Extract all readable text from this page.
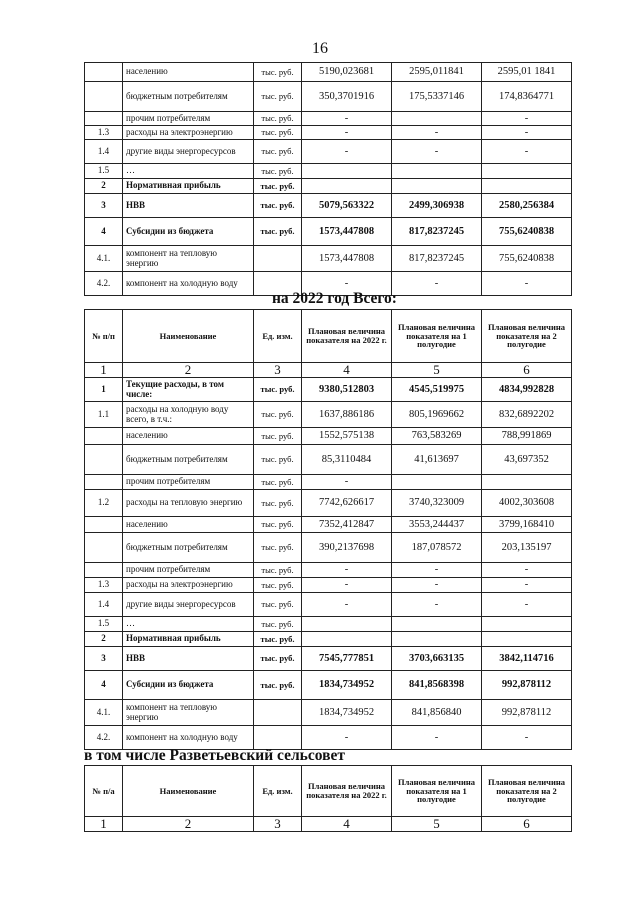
16
	населению	тыс. руб.	5190,023681	2595,011841	2595,01 1841
	бюджетным потребителям	тыс. руб.	350,3701916	175,5337146	174,8364771
	прочим потребителям	тыс. руб.	-		-
1.3	расходы на электроэнергию	тыс. руб.	-	-	-
1.4	другие виды энергоресурсов	тыс. руб.	-	-	-
1.5	…	тыс. руб.			
2	Нормативная прибыль	тыс. руб.			
3	НВВ	тыс. руб.	5079,563322	2499,306938	2580,256384
4	Субсидии из бюджета	тыс. руб.	1573,447808	817,8237245	755,6240838
4.1.	компонент на тепловую энергию		1573,447808	817,8237245	755,6240838
4.2.	компонент на холодную воду		-	-	-
на 2022 год Всего:
№ п/п	Наименование	Ед. изм.	Плановая величина показателя на 2022 г.	Плановая величина показателя на 1 полугодие	Плановая величина показателя на 2 полугодие
1	2	3	4	5	6
1	Текущие расходы, в том числе:	тыс. руб.	9380,512803	4545,519975	4834,992828
1.1	расходы на холодную воду всего, в т.ч.:	тыс. руб.	1637,886186	805,1969662	832,6892202
	населению	тыс. руб.	1552,575138	763,583269	788,991869
	бюджетным потребителям	тыс. руб.	85,3110484	41,613697	43,697352
	прочим потребителям	тыс. руб.	-		
1.2	расходы на тепловую энергию	тыс. руб.	7742,626617	3740,323009	4002,303608
	населению	тыс. руб.	7352,412847	3553,244437	3799,168410
	бюджетным потребителям	тыс. руб.	390,2137698	187,078572	203,135197
	прочим потребителям	тыс. руб.	-	-	-
1.3	расходы на электроэнергию	тыс. руб.	-	-	-
1.4	другие виды энергоресурсов	тыс. руб.	-	-	-
1.5	…	тыс. руб.			
2	Нормативная прибыль	тыс. руб.			
3	НВВ	тыс. руб.	7545,777851	3703,663135	3842,114716
4	Субсидии из бюджета	тыс. руб.	1834,734952	841,8568398	992,878112
4.1.	компонент на тепловую энергию		1834,734952	841,856840	992,878112
4.2.	компонент на холодную воду		-	-	-
в том числе Разветьевский сельсовет
№ п/а	Наименование	Ед. изм.	Плановая величина показателя на 2022 г.	Плановая величина показателя на 1 полугодие	Плановая величина показателя на 2 полугодие
1	2	3	4	5	6
